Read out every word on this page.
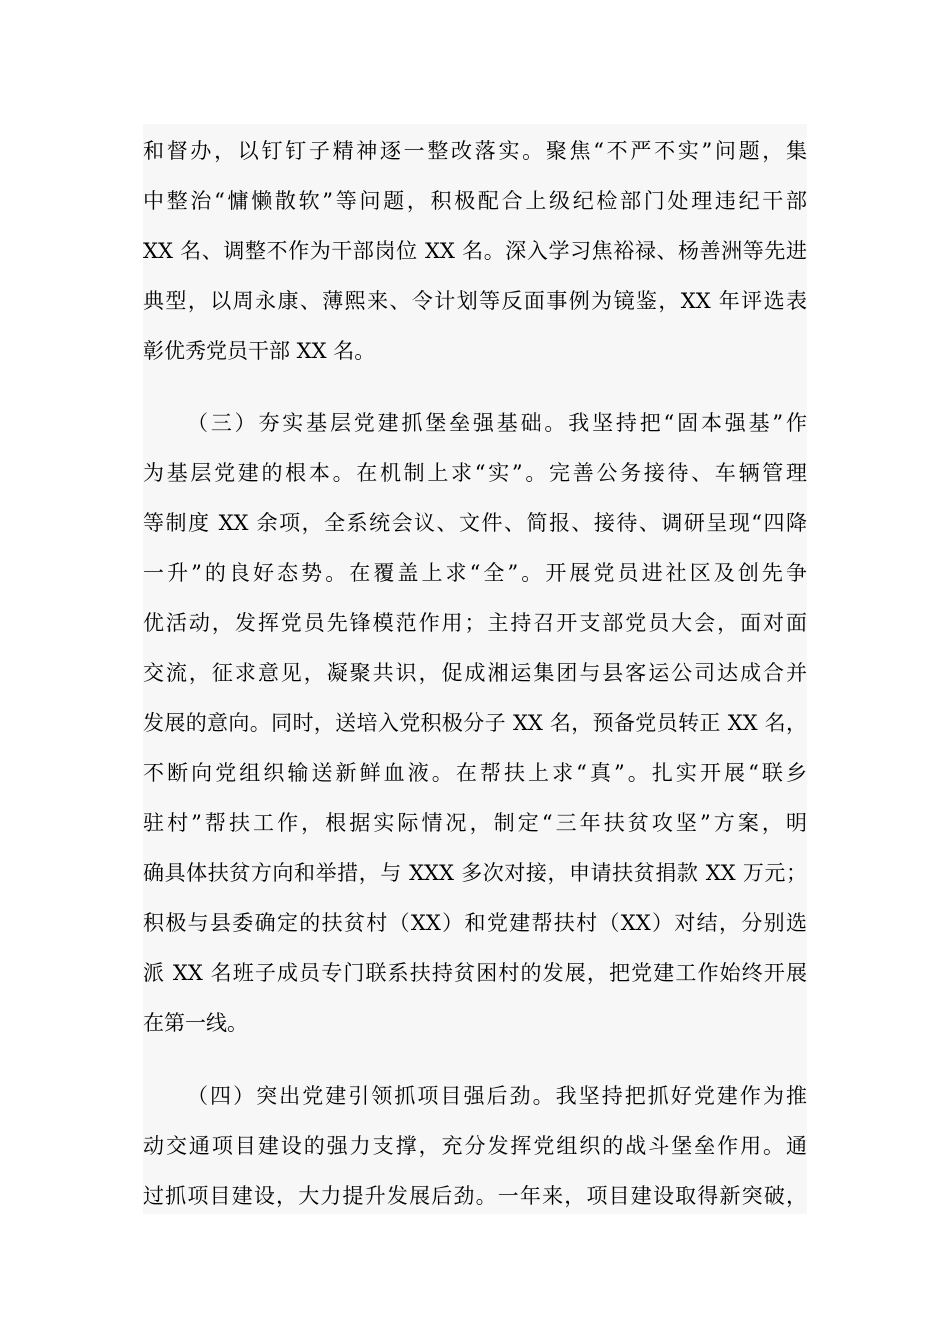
和督办，以钉钉子精神逐一整改落实。聚焦“不严不实”问题，集
中整治“慵懒散软”等问题，积极配合上级纪检部门处理违纪干部
XX 名、调整不作为干部岗位 XX 名。深入学习焦裕禄、杨善洲等先进
典型，以周永康、薄熙来、令计划等反面事例为镜鉴，XX 年评选表
彰优秀党员干部 XX 名。
（三）夯实基层党建抓堡垒强基础。我坚持把“固本强基”作
为基层党建的根本。在机制上求“实”。完善公务接待、车辆管理
等制度 XX 余项，全系统会议、文件、简报、接待、调研呈现“四降
一升”的良好态势。在覆盖上求“全”。开展党员进社区及创先争
优活动，发挥党员先锋模范作用；主持召开支部党员大会，面对面
交流，征求意见，凝聚共识，促成湘运集团与县客运公司达成合并
发展的意向。同时，送培入党积极分子 XX 名，预备党员转正 XX 名，
不断向党组织输送新鲜血液。在帮扶上求“真”。扎实开展“联乡
驻村”帮扶工作，根据实际情况，制定“三年扶贫攻坚”方案，明
确具体扶贫方向和举措，与 XXX 多次对接，申请扶贫捐款 XX 万元；
积极与县委确定的扶贫村（XX）和党建帮扶村（XX）对结，分别选
派 XX 名班子成员专门联系扶持贫困村的发展，把党建工作始终开展
在第一线。
（四）突出党建引领抓项目强后劲。我坚持把抓好党建作为推
动交通项目建设的强力支撑，充分发挥党组织的战斗堡垒作用。通
过抓项目建设，大力提升发展后劲。一年来，项目建设取得新突破，
